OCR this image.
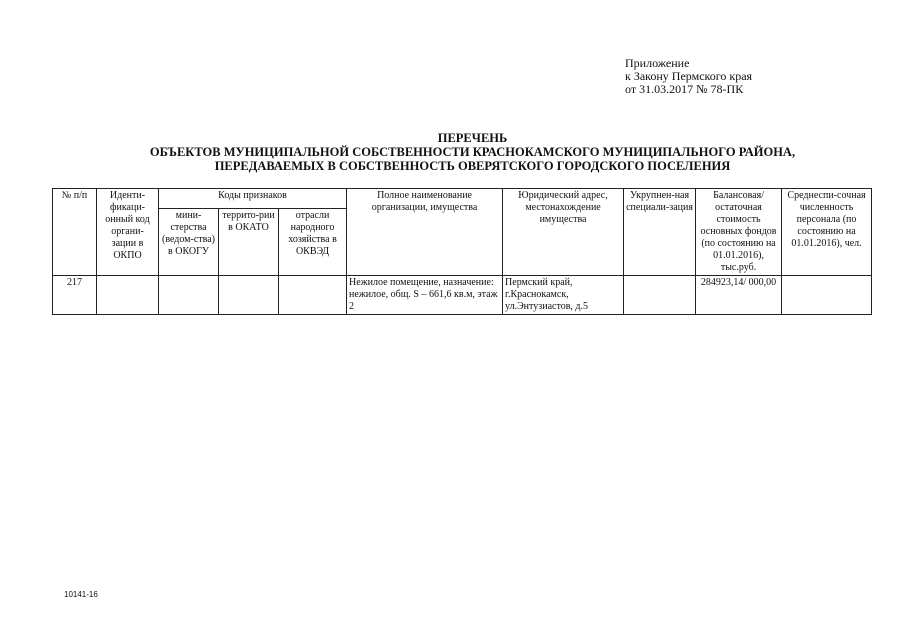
Приложение
к Закону Пермского края
от 31.03.2017 № 78-ПК
ПЕРЕЧЕНЬ
ОБЪЕКТОВ МУНИЦИПАЛЬНОЙ СОБСТВЕННОСТИ КРАСНОКАМСКОГО МУНИЦИПАЛЬНОГО РАЙОНА,
ПЕРЕДАВАЕМЫХ В СОБСТВЕННОСТЬ ОВЕРЯТСКОГО ГОРОДСКОГО ПОСЕЛЕНИЯ
№ п/п	Иденти-фикаци-онный код органи-зации в ОКПО	Коды признаков			Полное наименование организации, имущества	Юридический адрес, местонахождение имущества	Укрупнен-ная специали-зация	Балансовая/ остаточная стоимость основных фондов (по состоянию на 01.01.2016), тыс.руб.	Среднеспи-сочная численность персонала (по состоянию на 01.01.2016), чел.
		мини-стерства (ведом-ства) в ОКОГУ	террито-рии в ОКАТО	отрасли народного хозяйства в ОКВЭД					
217					Нежилое помещение, назначение: нежилое, общ. S – 661,6 кв.м, этаж 2	Пермский край, г.Краснокамск, ул.Энтузиастов, д.5		284923,14/ 000,00	
10141-16
